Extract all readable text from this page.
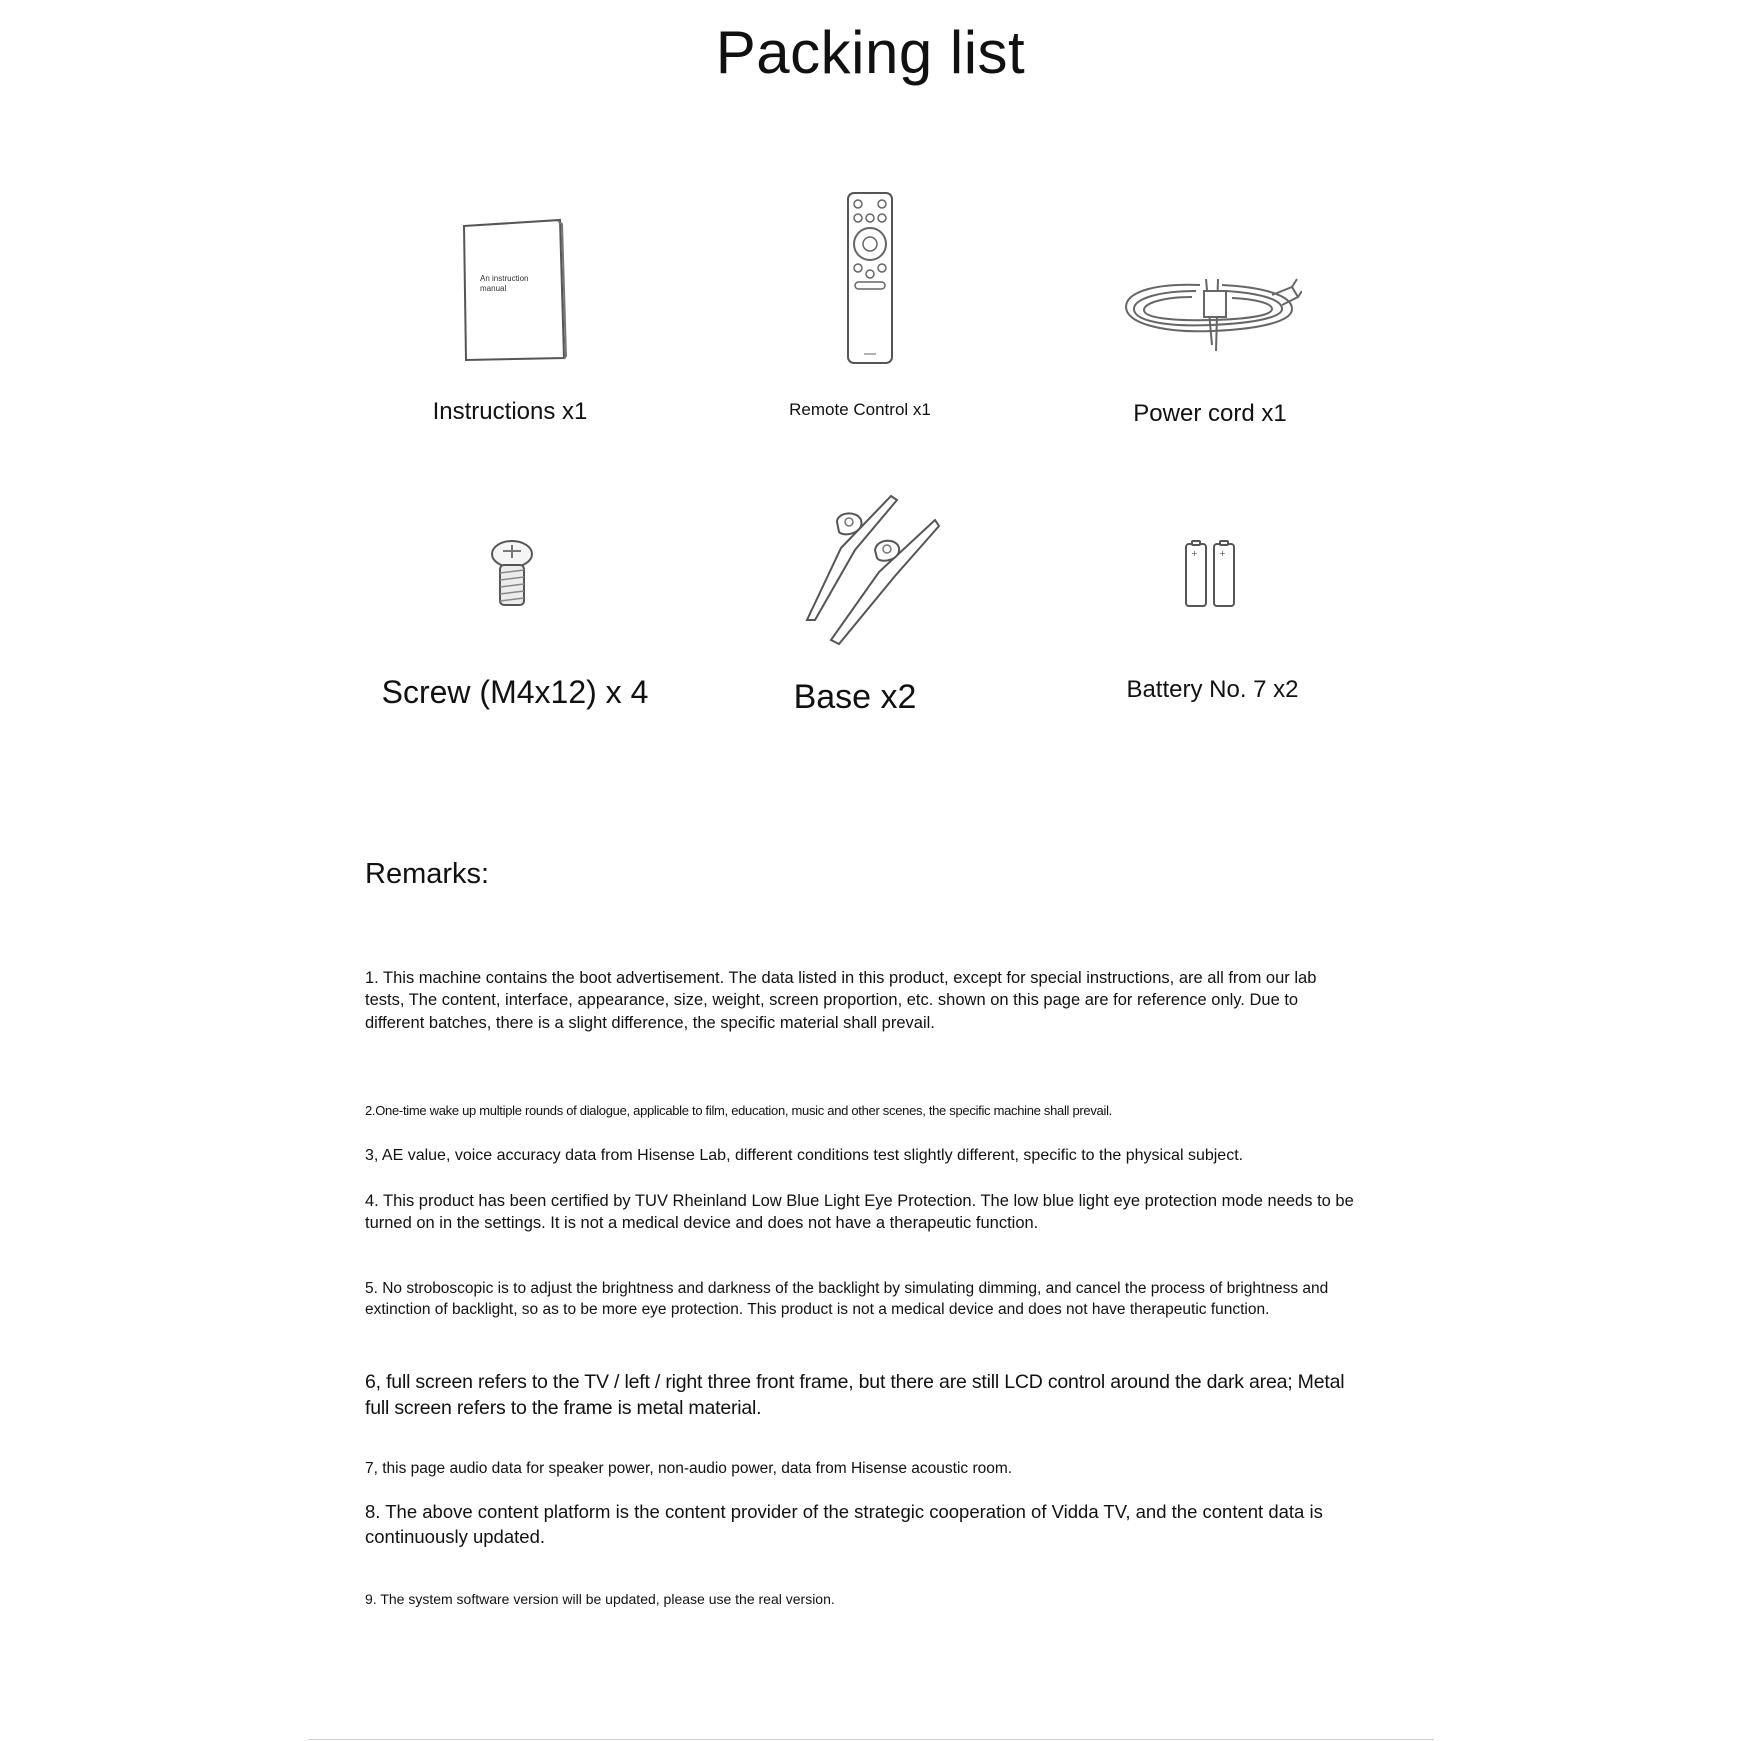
Packing list
An instruction
manual
+	+
Instructions x1	Remote Control x1	Power cord x1
Screw (M4x12) x 4	Base x2	Battery No. 7 x2
Remarks:
1. This machine contains the boot advertisement. The data listed in this product, except for special instructions, are all from our lab tests, The content, interface, appearance, size, weight, screen proportion, etc. shown on this page are for reference only. Due to different batches, there is a slight difference, the specific material shall prevail.
2.One-time wake up multiple rounds of dialogue, applicable to film, education, music and other scenes, the specific machine shall prevail.
3, AE value, voice accuracy data from Hisense Lab, different conditions test slightly different, specific to the physical subject.
4. This product has been certified by TUV Rheinland Low Blue Light Eye Protection. The low blue light eye protection mode needs to be turned on in the settings. It is not a medical device and does not have a therapeutic function.
5. No stroboscopic is to adjust the brightness and darkness of the backlight by simulating dimming, and cancel the process of brightness and extinction of backlight, so as to be more eye protection. This product is not a medical device and does not have therapeutic function.
6, full screen refers to the TV / left / right three front frame, but there are still LCD control around the dark area; Metal full screen refers to the frame is metal material.
7, this page audio data for speaker power, non-audio power, data from Hisense acoustic room.
8. The above content platform is the content provider of the strategic cooperation of Vidda TV, and the content data is continuously updated.
9. The system software version will be updated, please use the real version.
